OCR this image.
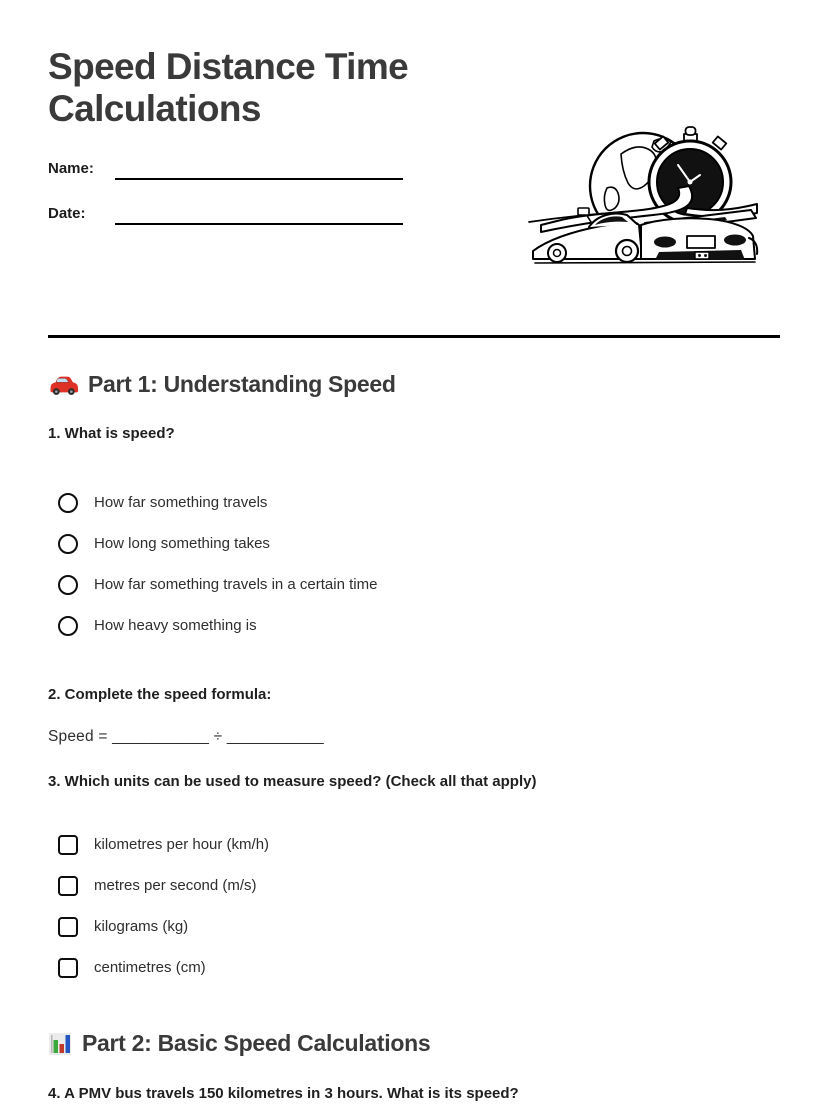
Speed Distance Time Calculations
Name:
Date:
Part 1: Understanding Speed

1. What is speed?

How far something travels
How long something takes
How far something travels in a certain time
How heavy something is

2. Complete the speed formula:

Speed = ___________ ÷ ___________

3. Which units can be used to measure speed? (Check all that apply)

kilometres per hour (km/h)
metres per second (m/s)
kilograms (kg)
centimetres (cm)
Part 2: Basic Speed Calculations

4. A PMV bus travels 150 kilometres in 3 hours. What is its speed?
